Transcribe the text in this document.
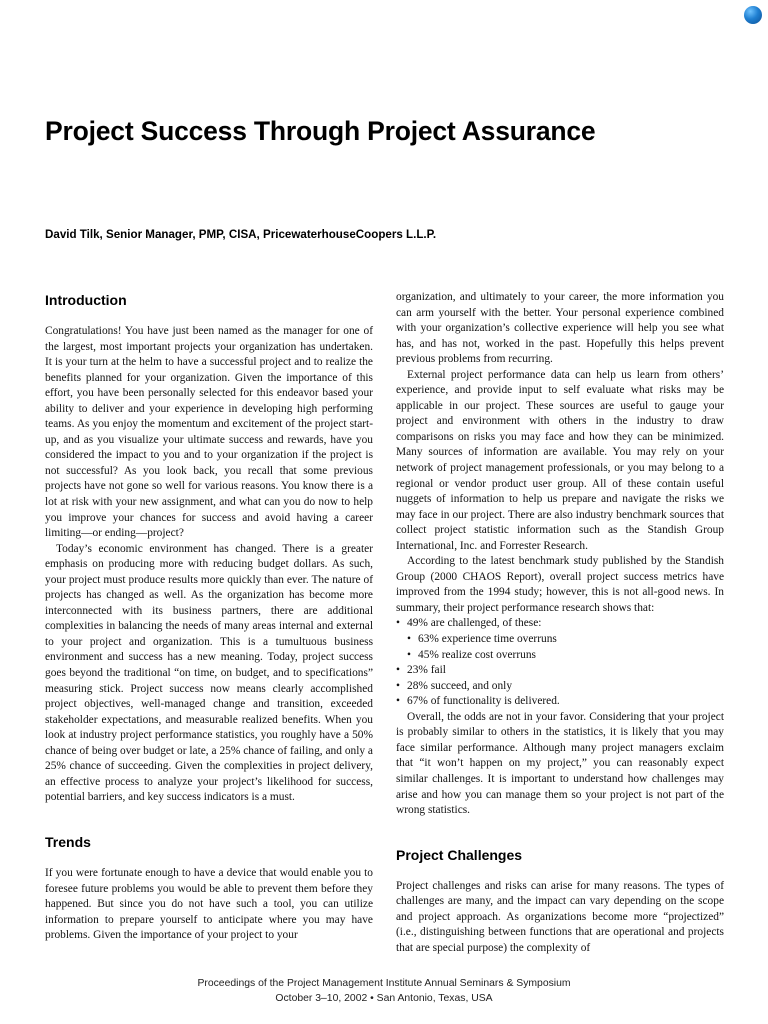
Project Success Through Project Assurance
David Tilk, Senior Manager, PMP, CISA, PricewaterhouseCoopers L.L.P.
Introduction

Congratulations! You have just been named as the manager for one of the largest, most important projects your organization has undertaken. It is your turn at the helm to have a successful project and to realize the benefits planned for your organization. Given the importance of this effort, you have been personally selected for this endeavor based your ability to deliver and your experience in developing high performing teams. As you enjoy the momentum and excitement of the project start-up, and as you visualize your ultimate success and rewards, have you considered the impact to you and to your organization if the project is not successful? As you look back, you recall that some previous projects have not gone so well for various reasons. You know there is a lot at risk with your new assignment, and what can you do now to help you improve your chances for success and avoid having a career limiting—or ending—project?

Today’s economic environment has changed. There is a greater emphasis on producing more with reducing budget dollars. As such, your project must produce results more quickly than ever. The nature of projects has changed as well. As the organization has become more interconnected with its business partners, there are additional complexities in balancing the needs of many areas internal and external to your project and organization. This is a tumultuous business environment and success has a new meaning. Today, project success goes beyond the traditional “on time, on budget, and to specifications” measuring stick. Project success now means clearly accomplished project objectives, well-managed change and transition, exceeded stakeholder expectations, and measurable realized benefits. When you look at industry project performance statistics, you roughly have a 50% chance of being over budget or late, a 25% chance of failing, and only a 25% chance of succeeding. Given the complexities in project delivery, an effective process to analyze your project’s likelihood for success, potential barriers, and key success indicators is a must.

Trends

If you were fortunate enough to have a device that would enable you to foresee future problems you would be able to prevent them before they happened. But since you do not have such a tool, you can utilize information to prepare yourself to anticipate where you may have problems. Given the importance of your project to your

organization, and ultimately to your career, the more information you can arm yourself with the better. Your personal experience combined with your organization’s collective experience will help you see what has, and has not, worked in the past. Hopefully this helps prevent previous problems from recurring.

External project performance data can help us learn from others’ experience, and provide input to self evaluate what risks may be applicable in our project. These sources are useful to gauge your project and environment with others in the industry to draw comparisons on risks you may face and how they can be minimized. Many sources of information are available. You may rely on your network of project management professionals, or you may belong to a regional or vendor product user group. All of these contain useful nuggets of information to help us prepare and navigate the risks we may face in our project. There are also industry benchmark sources that collect project statistic information such as the Standish Group International, Inc. and Forrester Research.

According to the latest benchmark study published by the Standish Group (2000 CHAOS Report), overall project success metrics have improved from the 1994 study; however, this is not all-good news. In summary, their project performance research shows that:

• 49% are challenged, of these:
• 63% experience time overruns
• 45% realize cost overruns
• 23% fail
• 28% succeed, and only
• 67% of functionality is delivered.

Overall, the odds are not in your favor. Considering that your project is probably similar to others in the statistics, it is likely that you may face similar performance. Although many project managers exclaim that “it won’t happen on my project,” you can reasonably expect similar challenges. It is important to understand how challenges may arise and how you can manage them so your project is not part of the wrong statistics.

Project Challenges

Project challenges and risks can arise for many reasons. The types of challenges are many, and the impact can vary depending on the scope and project approach. As organizations become more “projectized” (i.e., distinguishing between functions that are operational and projects that are special purpose) the complexity of

Proceedings of the Project Management Institute Annual Seminars & Symposium
October 3–10, 2002 • San Antonio, Texas, USA
